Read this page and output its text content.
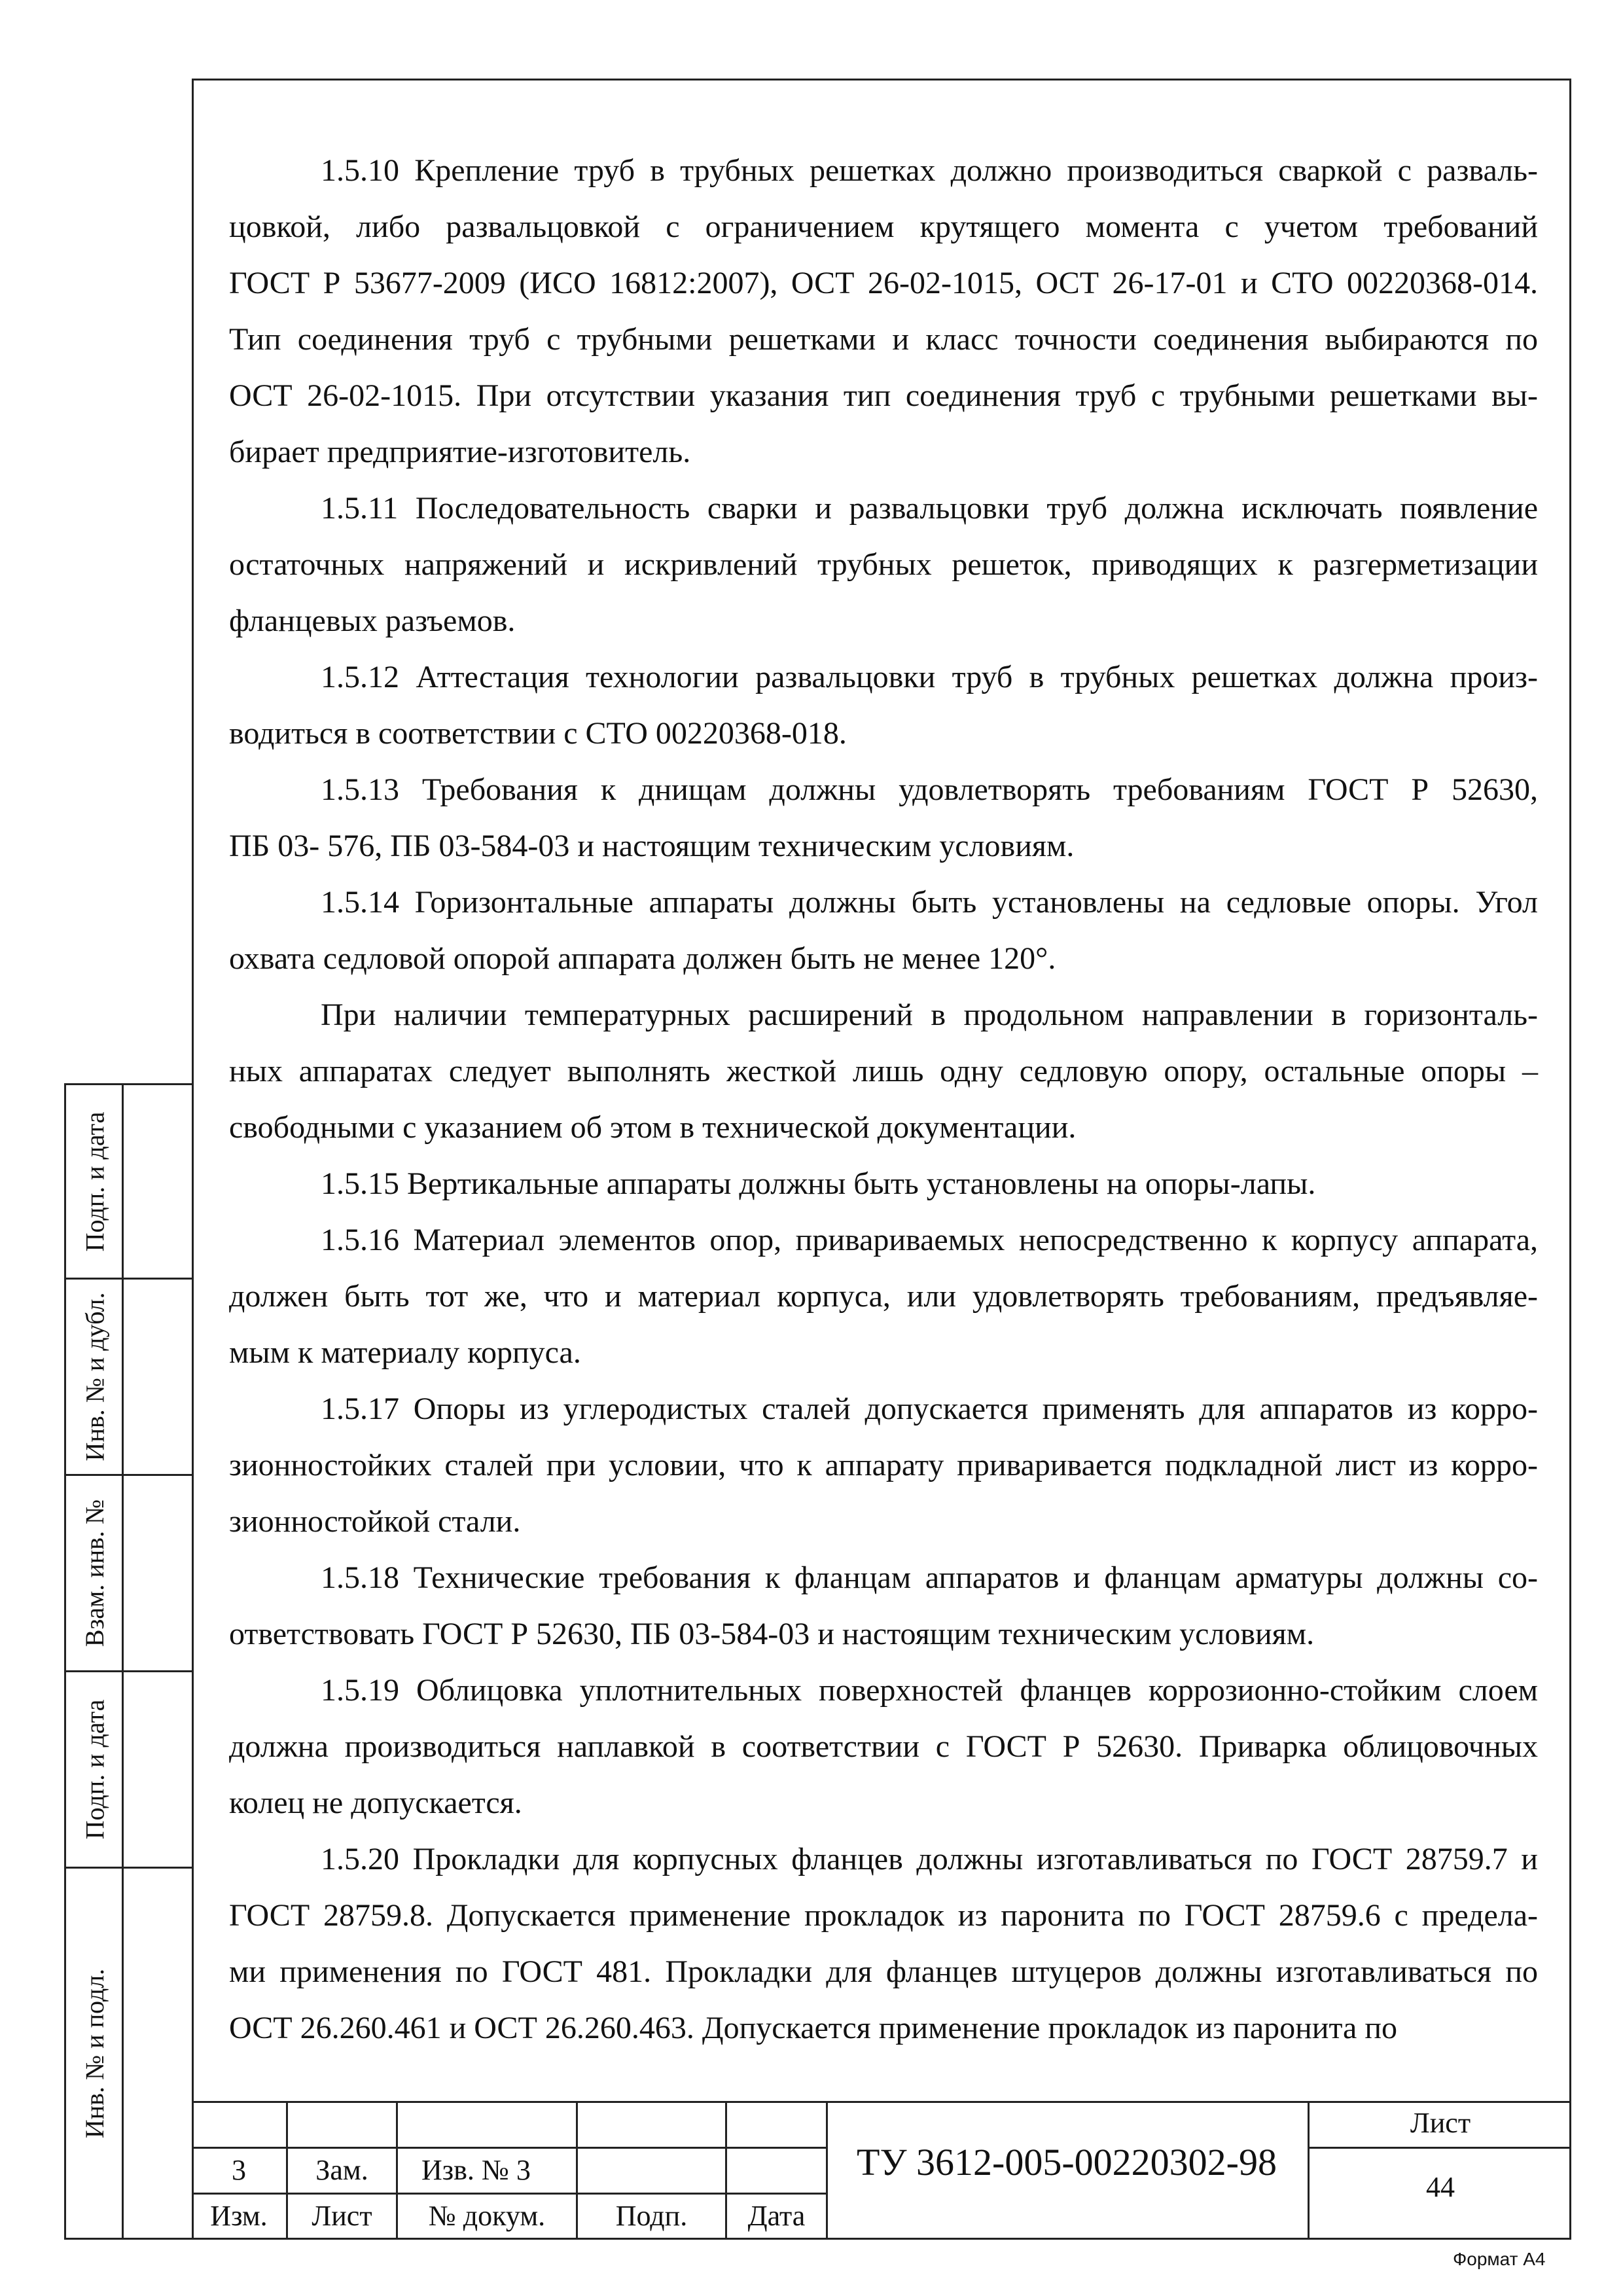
1.5.10 Крепление труб в трубных решетках должно производиться сваркой с разваль-
цовкой, либо развальцовкой с ограничением крутящего момента с учетом требований
ГОСТ Р 53677-2009 (ИСО 16812:2007), ОСТ 26-02-1015, ОСТ 26-17-01 и СТО 00220368-014.
Тип соединения труб с трубными решетками и класс точности соединения выбираются по
ОСТ 26-02-1015. При отсутствии указания тип соединения труб с трубными решетками вы-
бирает предприятие-изготовитель.
1.5.11 Последовательность сварки и развальцовки труб должна исключать появление
остаточных напряжений и искривлений трубных решеток, приводящих к разгерметизации
фланцевых разъемов.
1.5.12 Аттестация технологии развальцовки труб в трубных решетках должна произ-
водиться в соответствии с СТО 00220368-018.
1.5.13 Требования к днищам должны удовлетворять требованиям ГОСТ Р 52630,
ПБ 03- 576, ПБ 03-584-03 и настоящим техническим условиям.
1.5.14 Горизонтальные аппараты должны быть установлены на седловые опоры. Угол
охвата седловой опорой аппарата должен быть не менее 120°.
При наличии температурных расширений в продольном направлении в горизонталь-
ных аппаратах следует выполнять жесткой лишь одну седловую опору, остальные опоры –
свободными с указанием об этом в технической документации.
1.5.15 Вертикальные аппараты должны быть установлены на опоры-лапы.
1.5.16 Материал элементов опор, привариваемых непосредственно к корпусу аппарата,
должен быть тот же, что и материал корпуса, или удовлетворять требованиям, предъявляе-
мым к материалу корпуса.
1.5.17 Опоры из углеродистых сталей допускается применять для аппаратов из корро-
зионностойких сталей при условии, что к аппарату приваривается подкладной лист из корро-
зионностойкой стали.
1.5.18 Технические требования к фланцам аппаратов и фланцам арматуры должны со-
ответствовать ГОСТ Р 52630, ПБ 03-584-03 и настоящим техническим условиям.
1.5.19 Облицовка уплотнительных поверхностей фланцев коррозионно-стойким слоем
должна производиться наплавкой в соответствии с ГОСТ Р 52630. Приварка облицовочных
колец не допускается.
1.5.20 Прокладки для корпусных фланцев должны изготавливаться по ГОСТ 28759.7 и
ГОСТ 28759.8. Допускается применение прокладок из паронита по ГОСТ 28759.6 с предела-
ми применения по ГОСТ 481. Прокладки для фланцев штуцеров должны изготавливаться по
ОСТ 26.260.461 и ОСТ 26.260.463. Допускается применение прокладок из паронита по
Подп. и дата
Инв. № и дубл.
Взам. инв. №
Подп. и дата
Инв. № и подл.
3	Зам.	Изв. № 3
Изм.	Лист	№ докум.	Подп.	Дата
ТУ 3612-005-00220302-98
Лист
44
Формат А4
